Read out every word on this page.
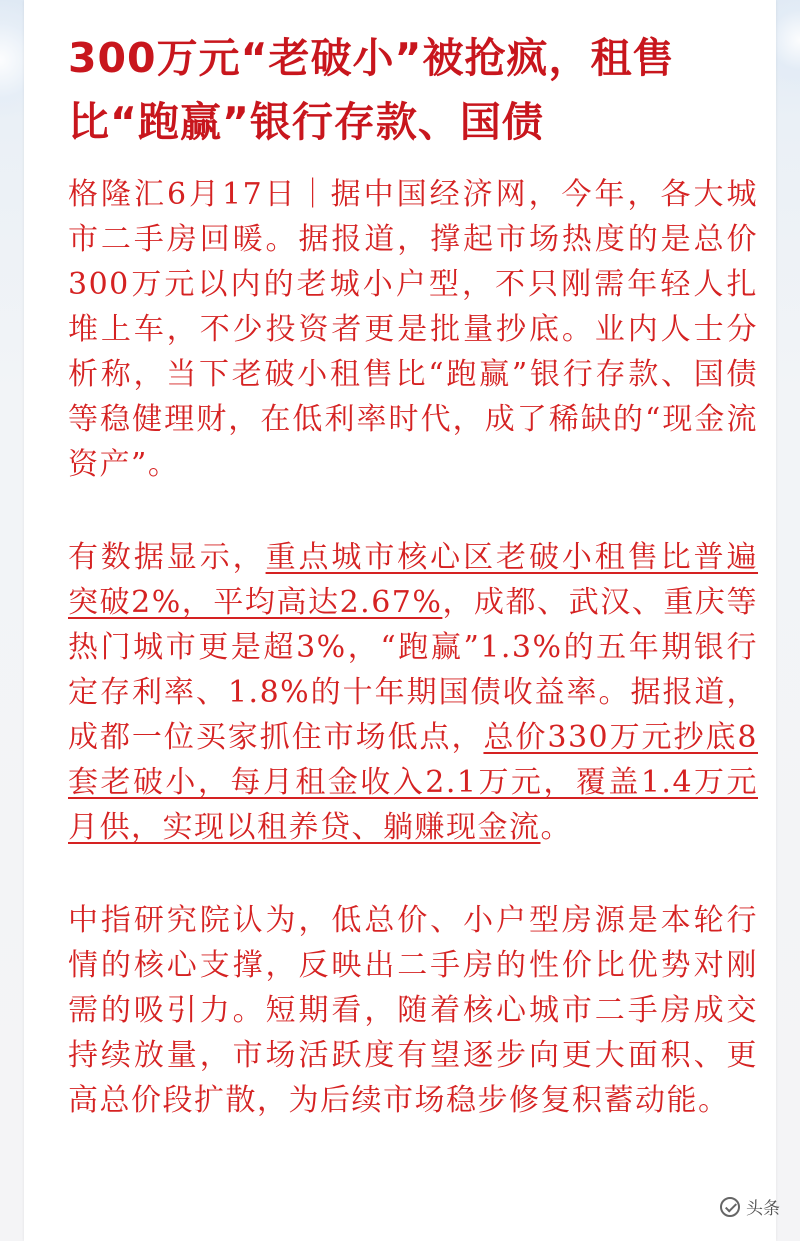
300万元“老破小”被抢疯，租售比“跑赢”银行存款、国债

格隆汇6月17日｜据中国经济网，今年，各大城市二手房回暖。据报道，撑起市场热度的是总价300万元以内的老城小户型，不只刚需年轻人扎堆上车，不少投资者更是批量抄底。业内人士分析称，当下老破小租售比“跑赢”银行存款、国债等稳健理财，在低利率时代，成了稀缺的“现金流资产”。

有数据显示，重点城市核心区老破小租售比普遍突破2%，平均高达2.67%，成都、武汉、重庆等热门城市更是超3%，“跑赢”1.3%的五年期银行定存利率、1.8%的十年期国债收益率。据报道，成都一位买家抓住市场低点，总价330万元抄底8套老破小，每月租金收入2.1万元，覆盖1.4万元月供，实现以租养贷、躺赚现金流。

中指研究院认为，低总价、小户型房源是本轮行情的核心支撑，反映出二手房的性价比优势对刚需的吸引力。短期看，随着核心城市二手房成交持续放量，市场活跃度有望逐步向更大面积、更高总价段扩散，为后续市场稳步修复积蓄动能。

头条
